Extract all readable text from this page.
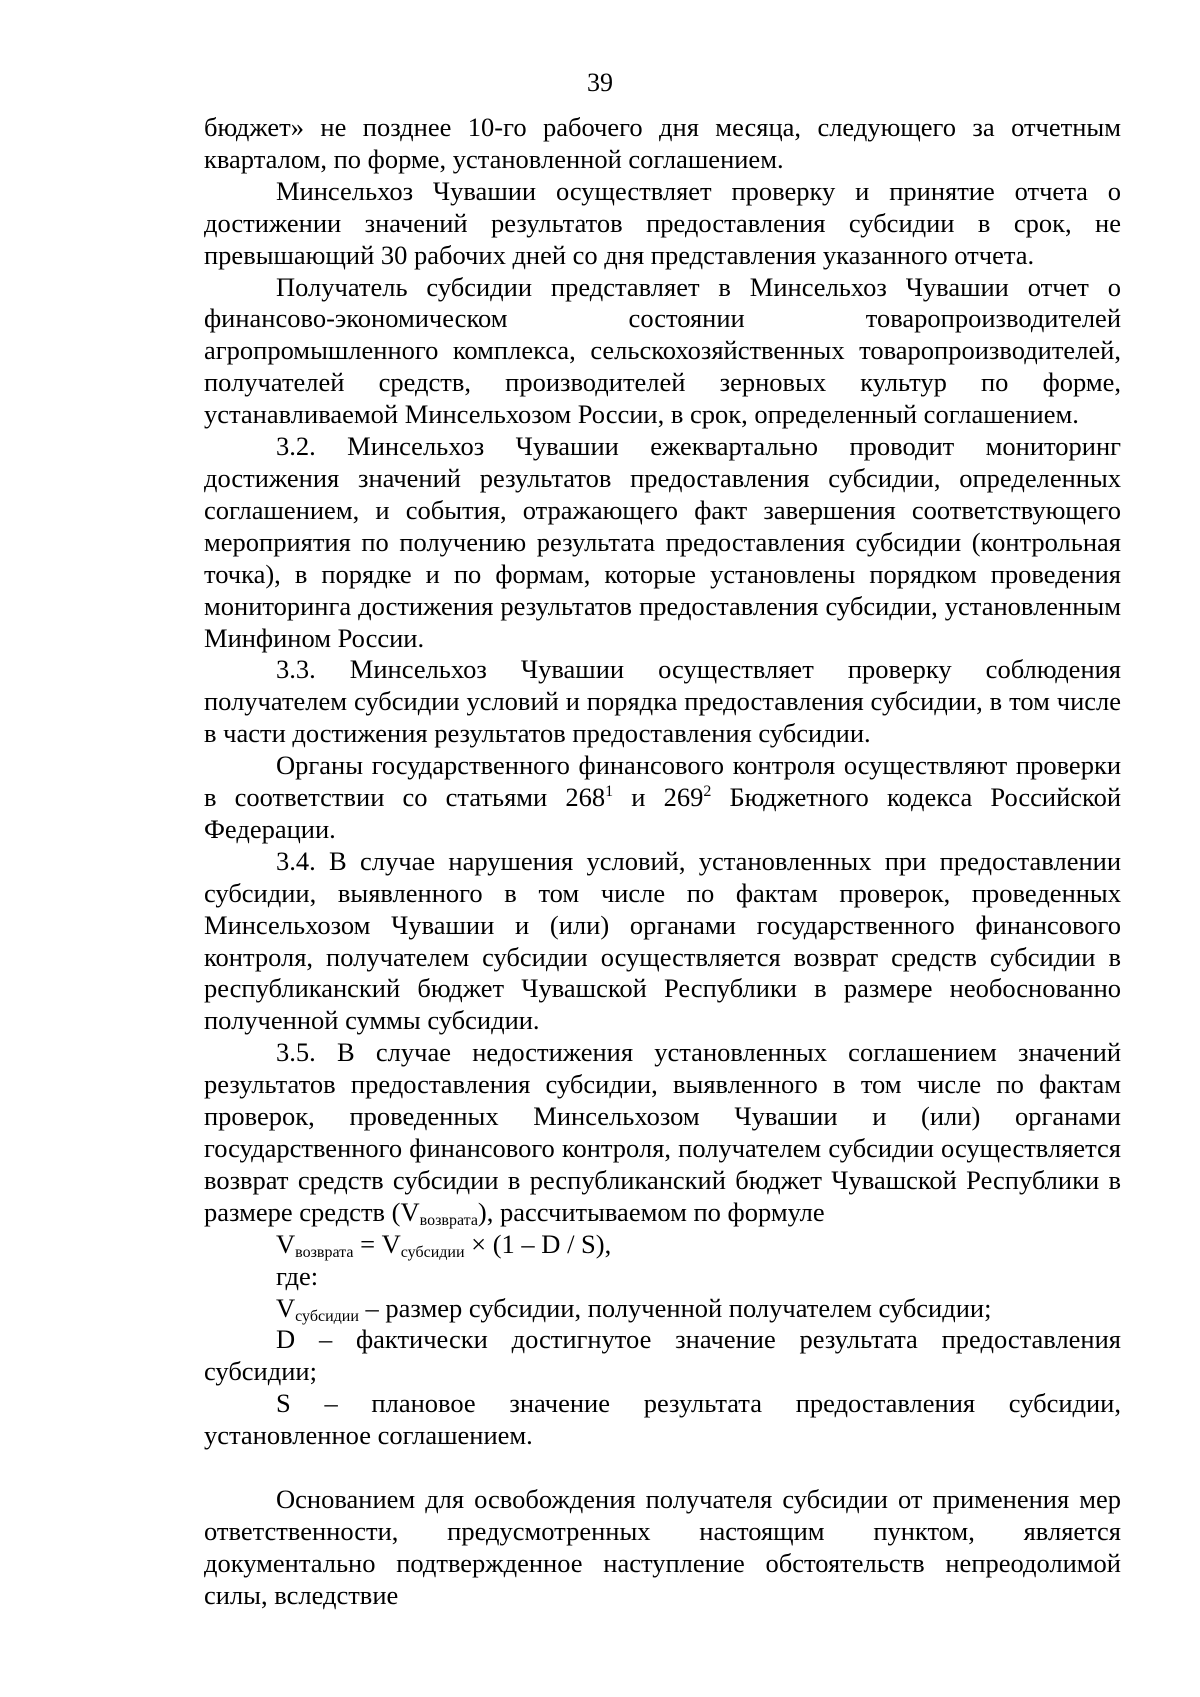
39

бюджет» не позднее 10-го рабочего дня месяца, следующего за отчетным кварталом, по форме, установленной соглашением.

Минсельхоз Чувашии осуществляет проверку и принятие отчета о достижении значений результатов предоставления субсидии в срок, не превышающий 30 рабочих дней со дня представления указанного отчета.

Получатель субсидии представляет в Минсельхоз Чувашии отчет о финансово-экономическом состоянии товаропроизводителей агропромышленного комплекса, сельскохозяйственных товаропроизводителей, получателей средств, производителей зерновых культур по форме, устанавливаемой Минсельхозом России, в срок, определенный соглашением.

3.2. Минсельхоз Чувашии ежеквартально проводит мониторинг достижения значений результатов предоставления субсидии, определенных соглашением, и события, отражающего факт завершения соответствующего мероприятия по получению результата предоставления субсидии (контрольная точка), в порядке и по формам, которые установлены порядком проведения мониторинга достижения результатов предоставления субсидии, установленным Минфином России.

3.3. Минсельхоз Чувашии осуществляет проверку соблюдения получателем субсидии условий и порядка предоставления субсидии, в том числе в части достижения результатов предоставления субсидии.

Органы государственного финансового контроля осуществляют проверки в соответствии со статьями $268^1$ и $269^2$ Бюджетного кодекса Российской Федерации.

3.4. В случае нарушения условий, установленных при предоставлении субсидии, выявленного в том числе по фактам проверок, проведенных Минсельхозом Чувашии и (или) органами государственного финансового контроля, получателем субсидии осуществляется возврат средств субсидии в республиканский бюджет Чувашской Республики в размере необоснованно полученной суммы субсидии.

3.5. В случае недостижения установленных соглашением значений результатов предоставления субсидии, выявленного в том числе по фактам проверок, проведенных Минсельхозом Чувашии и (или) органами государственного финансового контроля, получателем субсидии осуществляется возврат средств субсидии в республиканский бюджет Чувашской Республики в размере средств $(V_{возврата})$, рассчитываемом по формуле

$V_{возврата} = V_{субсидии} \times (1 - D / S)$,

где:

$V_{субсидии}$ – размер субсидии, полученной получателем субсидии;

D – фактически достигнутое значение результата предоставления субсидии;

S – плановое значение результата предоставления субсидии, установленное соглашением.

Основанием для освобождения получателя субсидии от применения мер ответственности, предусмотренных настоящим пунктом, является документально подтвержденное наступление обстоятельств непреодолимой силы, вследствие
